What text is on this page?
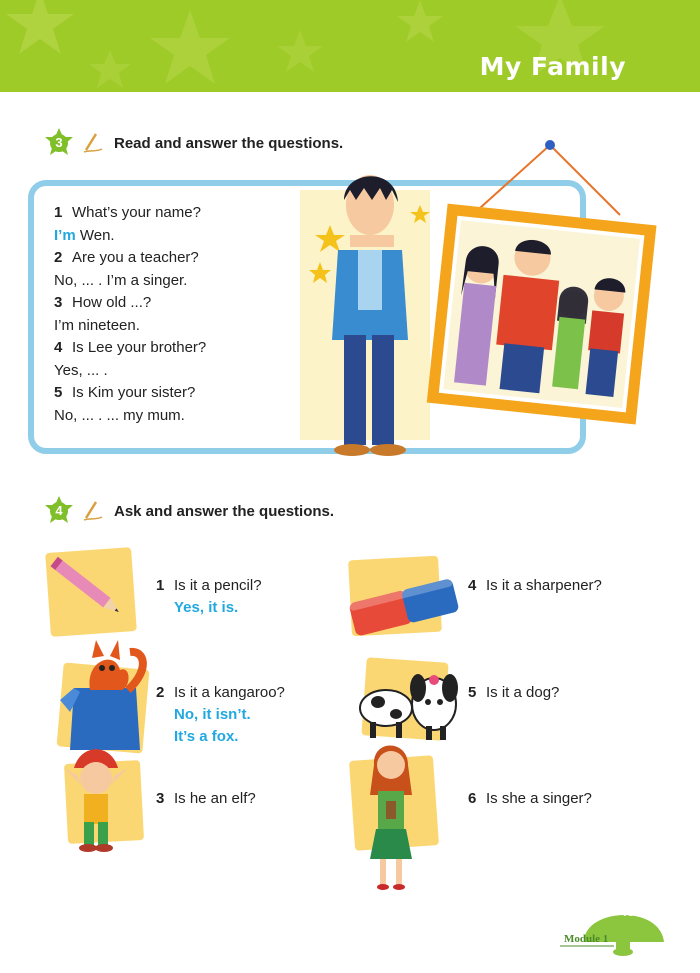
My Family
3	Read and answer the questions.
1 What’s your name?
I’m Wen.
2 Are you a teacher?
No, ... . I’m a singer.
3 How old ...?
I’m nineteen.
4 Is Lee your brother?
Yes, ... .
5 Is Kim your sister?
No, ... . ... my mum.
4	Ask and answer the questions.
1 Is it a pencil?
Yes, it is.
2 Is it a kangaroo?
No, it isn’t.
It’s a fox.
3 Is he an elf?
4 Is it a sharpener?
5 Is it a dog?
6 Is she a singer?
43
Module 1
